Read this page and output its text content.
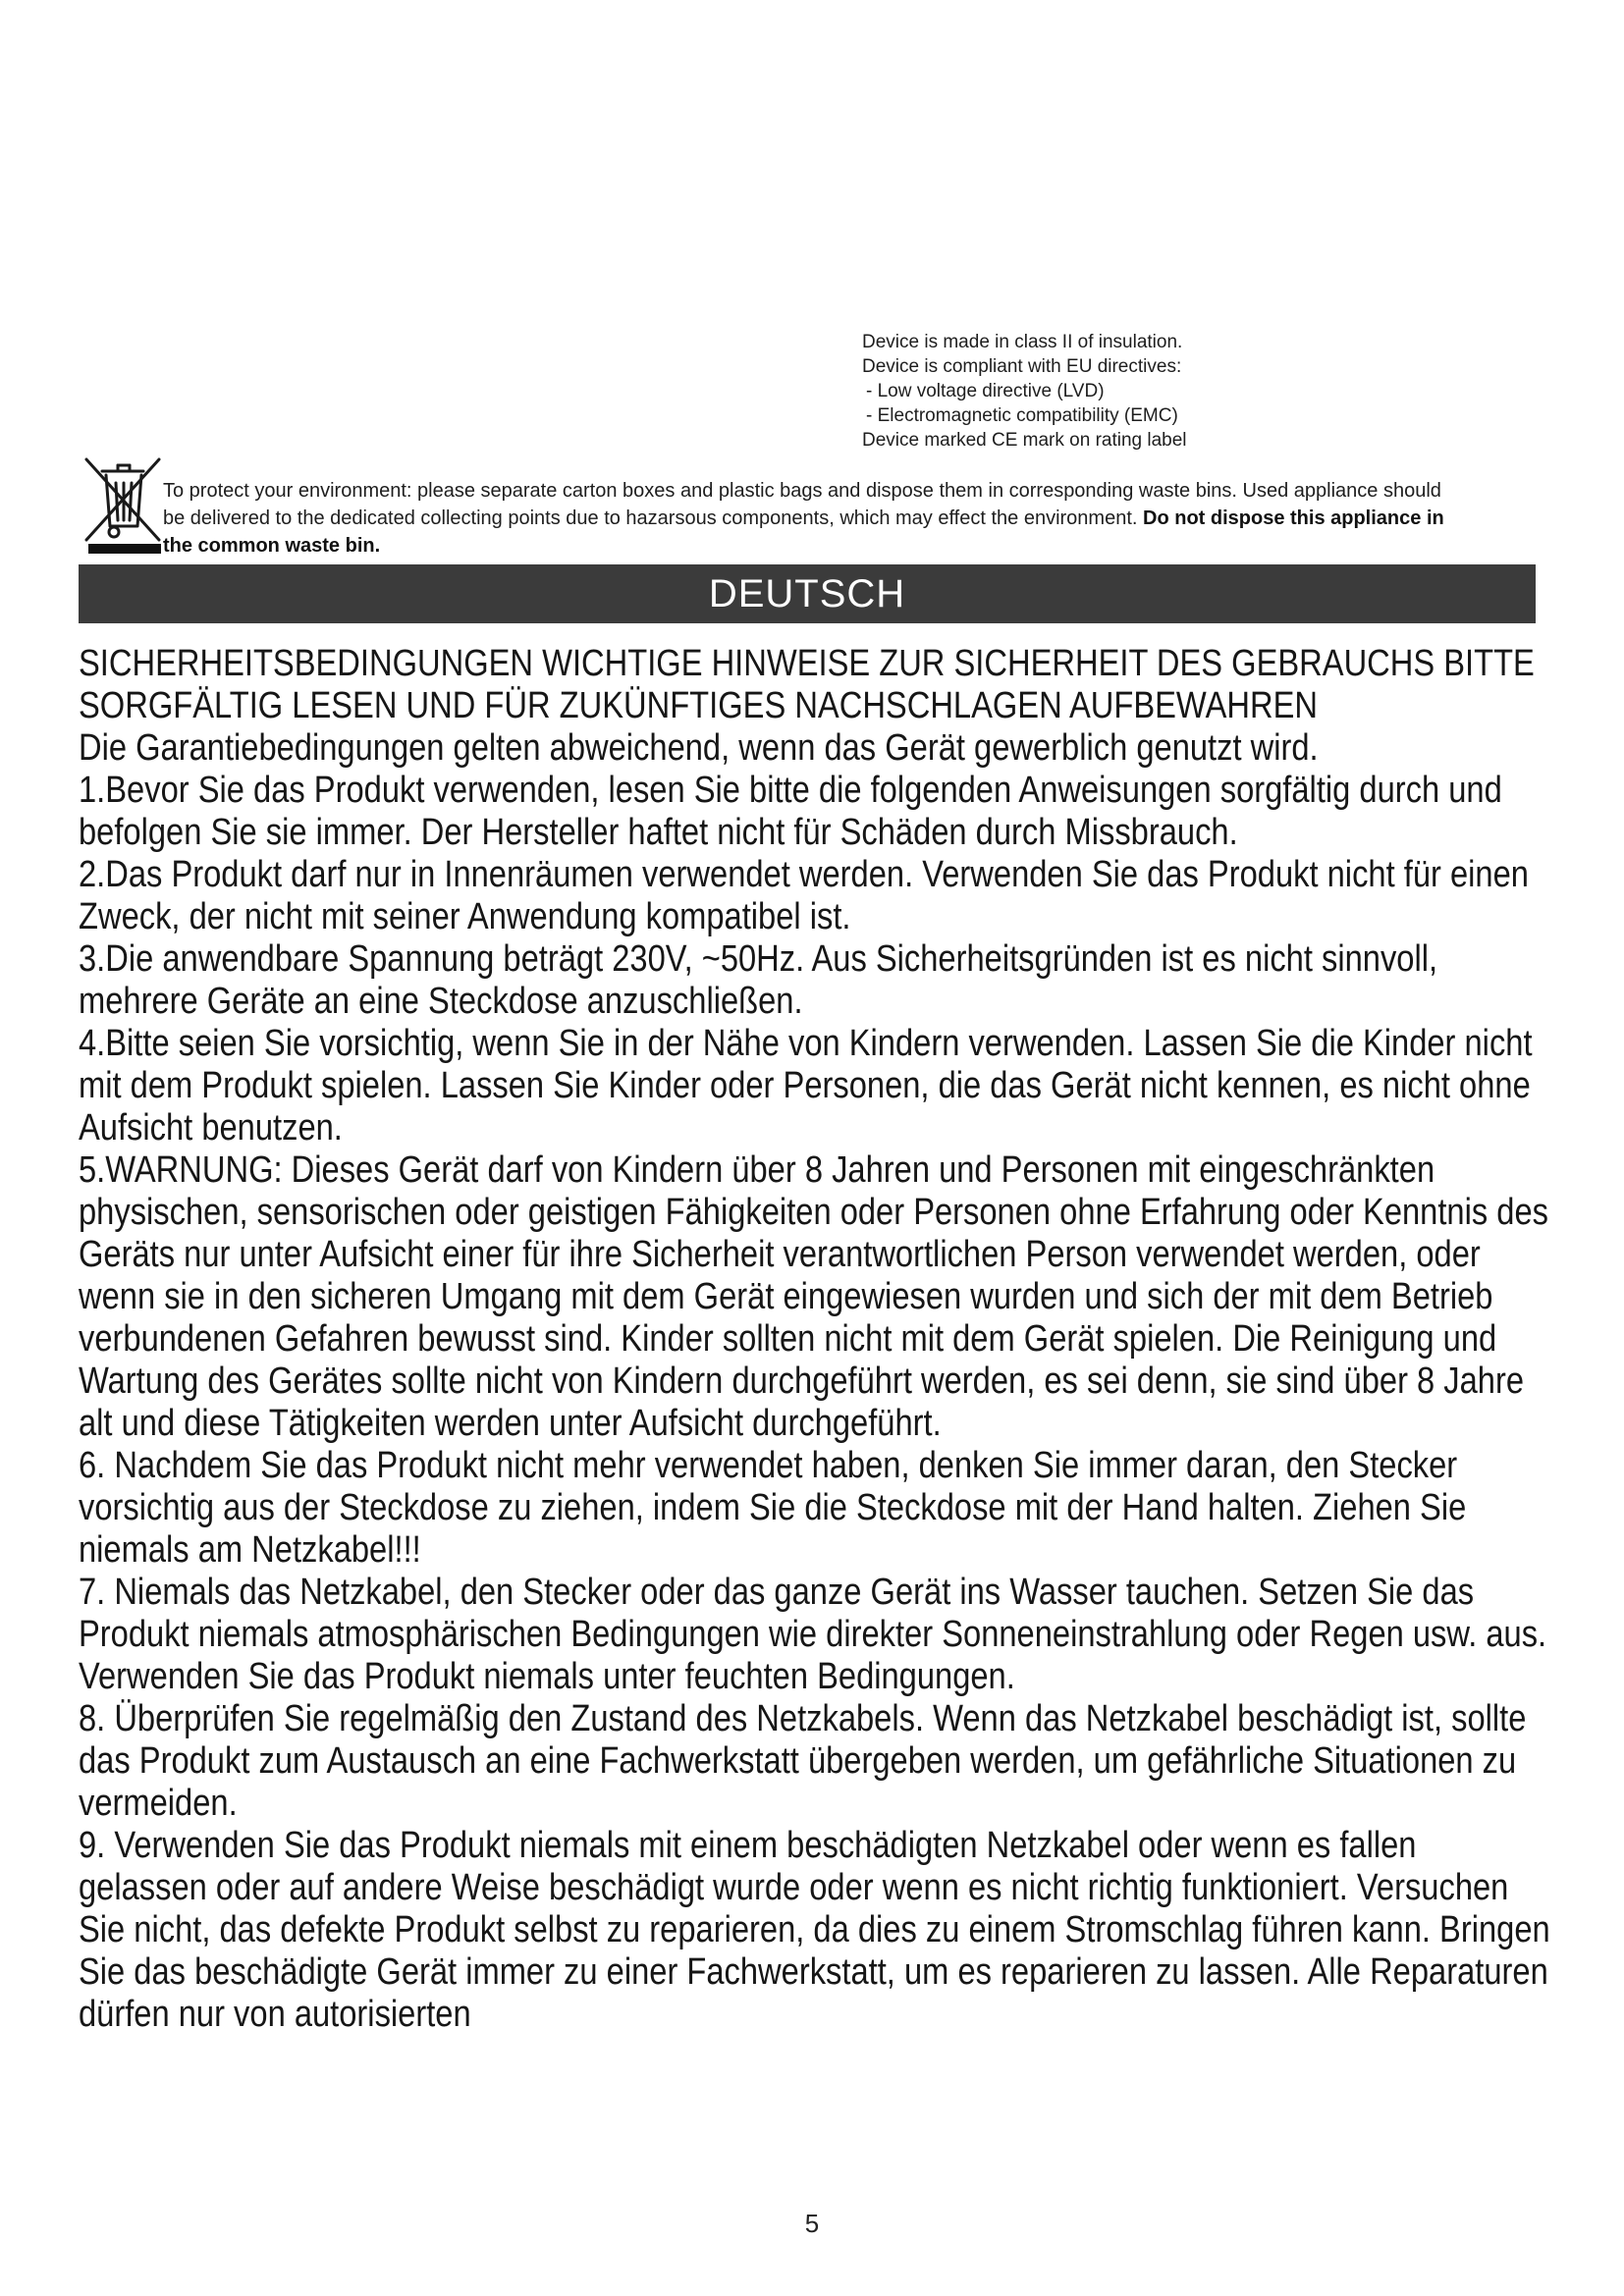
Device is made in class II of insulation.
Device is compliant with EU directives:
- Low voltage directive (LVD)
- Electromagnetic compatibility (EMC)
Device marked CE mark on rating label
To protect your environment: please separate carton boxes and plastic bags and dispose them in corresponding waste bins. Used appliance should
be delivered to the dedicated collecting points due to hazarsous components, which may effect the environment. Do not dispose this appliance in
the common waste bin.
DEUTSCH

SICHERHEITSBEDINGUNGEN WICHTIGE HINWEISE ZUR SICHERHEIT DES GEBRAUCHS BITTE SORGFÄLTIG LESEN UND FÜR ZUKÜNFTIGES NACHSCHLAGEN AUFBEWAHREN

Die Garantiebedingungen gelten abweichend, wenn das Gerät gewerblich genutzt wird.

1.Bevor Sie das Produkt verwenden, lesen Sie bitte die folgenden Anweisungen sorgfältig durch und befolgen Sie sie immer. Der Hersteller haftet nicht für Schäden durch Missbrauch.

2.Das Produkt darf nur in Innenräumen verwendet werden. Verwenden Sie das Produkt nicht für einen Zweck, der nicht mit seiner Anwendung kompatibel ist.

3.Die anwendbare Spannung beträgt 230V, ~50Hz. Aus Sicherheitsgründen ist es nicht sinnvoll, mehrere Geräte an eine Steckdose anzuschließen.

4.Bitte seien Sie vorsichtig, wenn Sie in der Nähe von Kindern verwenden. Lassen Sie die Kinder nicht mit dem Produkt spielen. Lassen Sie Kinder oder Personen, die das Gerät nicht kennen, es nicht ohne Aufsicht benutzen.

5.WARNUNG: Dieses Gerät darf von Kindern über 8 Jahren und Personen mit eingeschränkten physischen, sensorischen oder geistigen Fähigkeiten oder Personen ohne Erfahrung oder Kenntnis des Geräts nur unter Aufsicht einer für ihre Sicherheit verantwortlichen Person verwendet werden, oder wenn sie in den sicheren Umgang mit dem Gerät eingewiesen wurden und sich der mit dem Betrieb verbundenen Gefahren bewusst sind. Kinder sollten nicht mit dem Gerät spielen. Die Reinigung und Wartung des Gerätes sollte nicht von Kindern durchgeführt werden, es sei denn, sie sind über 8 Jahre alt und diese Tätigkeiten werden unter Aufsicht durchgeführt.

6. Nachdem Sie das Produkt nicht mehr verwendet haben, denken Sie immer daran, den Stecker vorsichtig aus der Steckdose zu ziehen, indem Sie die Steckdose mit der Hand halten. Ziehen Sie niemals am Netzkabel!!!

7. Niemals das Netzkabel, den Stecker oder das ganze Gerät ins Wasser tauchen. Setzen Sie das Produkt niemals atmosphärischen Bedingungen wie direkter Sonneneinstrahlung oder Regen usw. aus. Verwenden Sie das Produkt niemals unter feuchten Bedingungen.

8. Überprüfen Sie regelmäßig den Zustand des Netzkabels. Wenn das Netzkabel beschädigt ist, sollte das Produkt zum Austausch an eine Fachwerkstatt übergeben werden, um gefährliche Situationen zu vermeiden.

9. Verwenden Sie das Produkt niemals mit einem beschädigten Netzkabel oder wenn es fallen gelassen oder auf andere Weise beschädigt wurde oder wenn es nicht richtig funktioniert. Versuchen Sie nicht, das defekte Produkt selbst zu reparieren, da dies zu einem Stromschlag führen kann. Bringen Sie das beschädigte Gerät immer zu einer Fachwerkstatt, um es reparieren zu lassen. Alle Reparaturen dürfen nur von autorisierten

5
